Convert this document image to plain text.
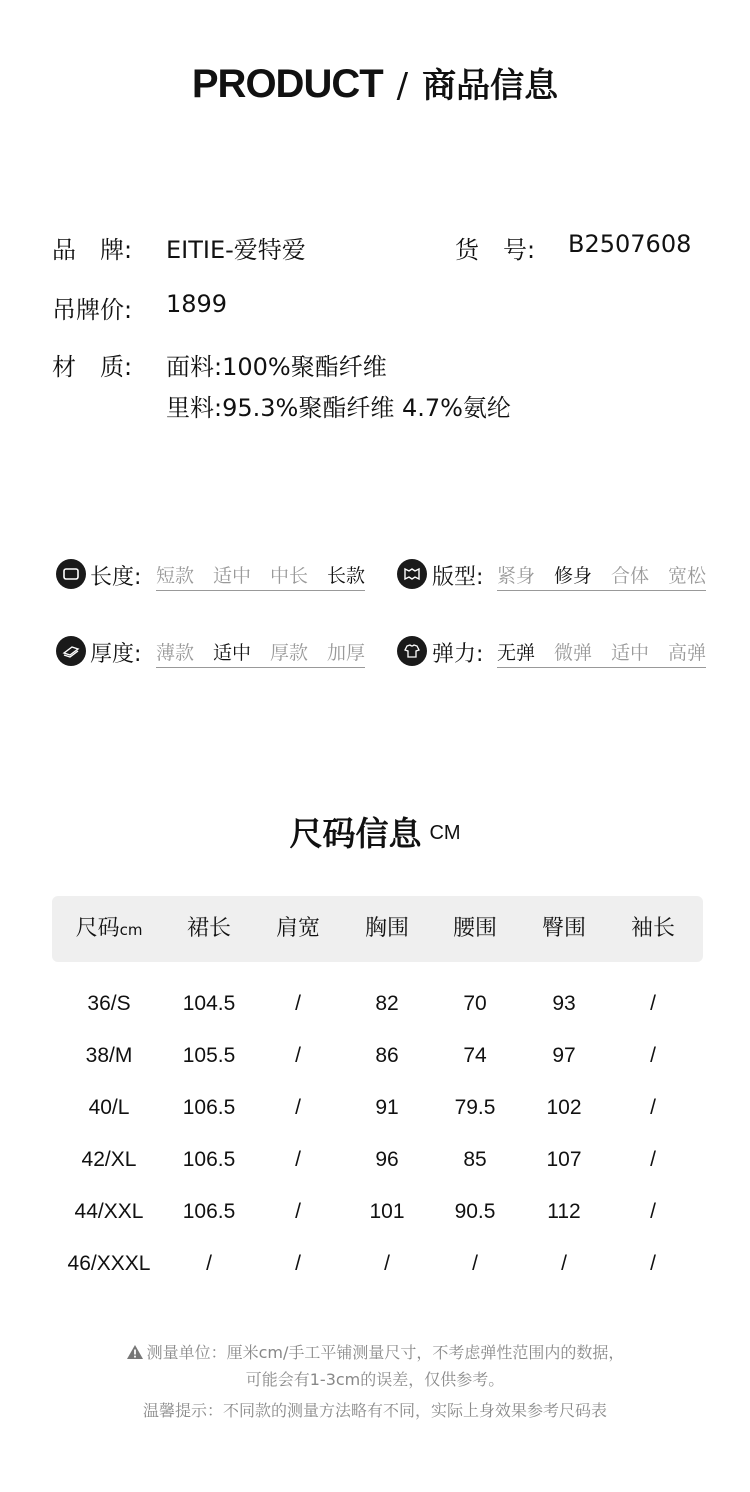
PRODUCT / 商品信息
品　牌: EITIE-爱特爱	货　号: B2507608
吊牌价: 1899
材　质: 面料:100%聚酯纤维
里料:95.3%聚酯纤维 4.7%氨纶
长度: 短款 适中 中长 长款	版型: 紧身 修身 合体 宽松
厚度: 薄款 适中 厚款 加厚	弹力: 无弹 微弹 适中 高弹
尺码信息 CM
尺码cm	裙长	肩宽	胸围	腰围	臀围	袖长
36/S	104.5	/	82	70	93	/
38/M	105.5	/	86	74	97	/
40/L	106.5	/	91	79.5	102	/
42/XL	106.5	/	96	85	107	/
44/XXL	106.5	/	101	90.5	112	/
46/XXXL	/	/	/	/	/	/
测量单位：厘米cm/手工平铺测量尺寸，不考虑弹性范围内的数据，
可能会有1-3cm的误差，仅供参考。
温馨提示：不同款的测量方法略有不同，实际上身效果参考尺码表
